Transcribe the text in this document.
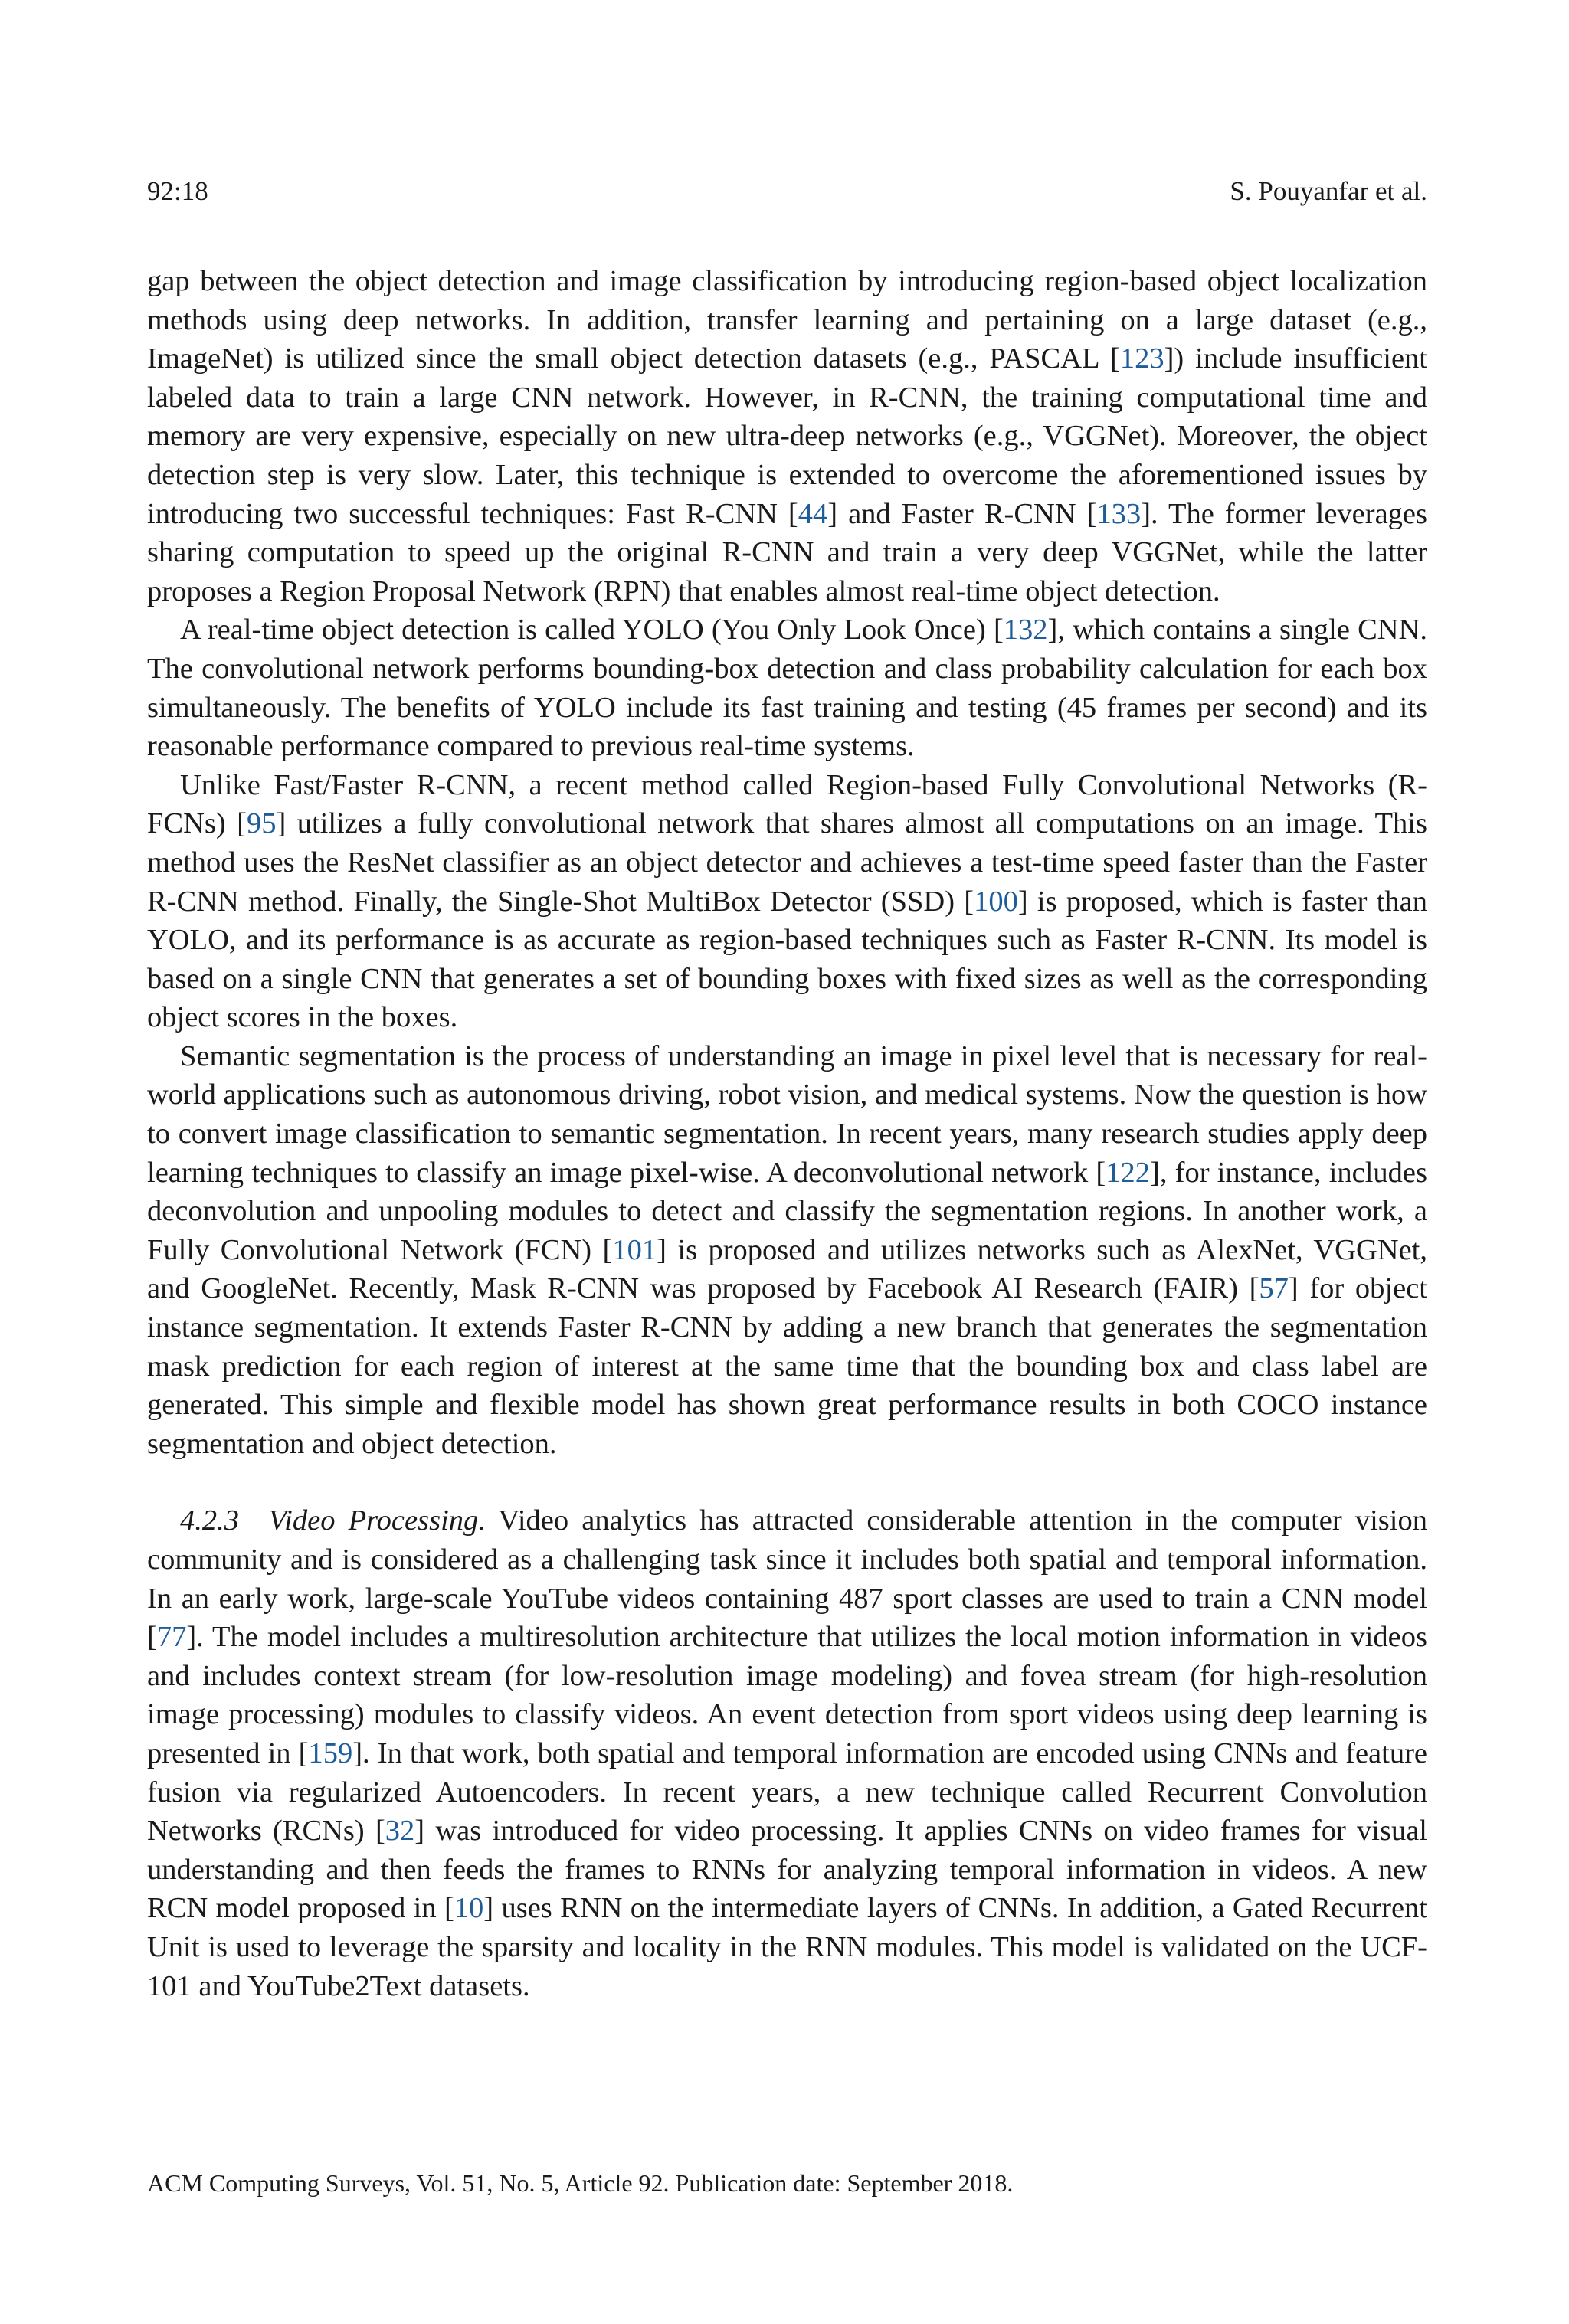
92:18	S. Pouyanfar et al.

gap between the object detection and image classification by introducing region-based object localization methods using deep networks. In addition, transfer learning and pertaining on a large dataset (e.g., ImageNet) is utilized since the small object detection datasets (e.g., PASCAL [123]) include insufficient labeled data to train a large CNN network. However, in R-CNN, the training computational time and memory are very expensive, especially on new ultra-deep networks (e.g., VGGNet). Moreover, the object detection step is very slow. Later, this technique is extended to overcome the aforementioned issues by introducing two successful techniques: Fast R-CNN [44] and Faster R-CNN [133]. The former leverages sharing computation to speed up the original R-CNN and train a very deep VGGNet, while the latter proposes a Region Proposal Network (RPN) that enables almost real-time object detection.

A real-time object detection is called YOLO (You Only Look Once) [132], which contains a single CNN. The convolutional network performs bounding-box detection and class probability calculation for each box simultaneously. The benefits of YOLO include its fast training and testing (45 frames per second) and its reasonable performance compared to previous real-time systems.

Unlike Fast/Faster R-CNN, a recent method called Region-based Fully Convolutional Networks (R-FCNs) [95] utilizes a fully convolutional network that shares almost all computations on an image. This method uses the ResNet classifier as an object detector and achieves a test-time speed faster than the Faster R-CNN method. Finally, the Single-Shot MultiBox Detector (SSD) [100] is proposed, which is faster than YOLO, and its performance is as accurate as region-based techniques such as Faster R-CNN. Its model is based on a single CNN that generates a set of bounding boxes with fixed sizes as well as the corresponding object scores in the boxes.

Semantic segmentation is the process of understanding an image in pixel level that is necessary for real-world applications such as autonomous driving, robot vision, and medical systems. Now the question is how to convert image classification to semantic segmentation. In recent years, many research studies apply deep learning techniques to classify an image pixel-wise. A deconvolutional network [122], for instance, includes deconvolution and unpooling modules to detect and classify the segmentation regions. In another work, a Fully Convolutional Network (FCN) [101] is proposed and utilizes networks such as AlexNet, VGGNet, and GoogleNet. Recently, Mask R-CNN was proposed by Facebook AI Research (FAIR) [57] for object instance segmentation. It extends Faster R-CNN by adding a new branch that generates the segmentation mask prediction for each region of interest at the same time that the bounding box and class label are generated. This simple and flexible model has shown great performance results in both COCO instance segmentation and object detection.

4.2.3 Video Processing. Video analytics has attracted considerable attention in the computer vision community and is considered as a challenging task since it includes both spatial and temporal information. In an early work, large-scale YouTube videos containing 487 sport classes are used to train a CNN model [77]. The model includes a multiresolution architecture that utilizes the local motion information in videos and includes context stream (for low-resolution image modeling) and fovea stream (for high-resolution image processing) modules to classify videos. An event detection from sport videos using deep learning is presented in [159]. In that work, both spatial and temporal information are encoded using CNNs and feature fusion via regularized Autoencoders. In recent years, a new technique called Recurrent Convolution Networks (RCNs) [32] was introduced for video processing. It applies CNNs on video frames for visual understanding and then feeds the frames to RNNs for analyzing temporal information in videos. A new RCN model proposed in [10] uses RNN on the intermediate layers of CNNs. In addition, a Gated Recurrent Unit is used to leverage the sparsity and locality in the RNN modules. This model is validated on the UCF-101 and YouTube2Text datasets.

ACM Computing Surveys, Vol. 51, No. 5, Article 92. Publication date: September 2018.
